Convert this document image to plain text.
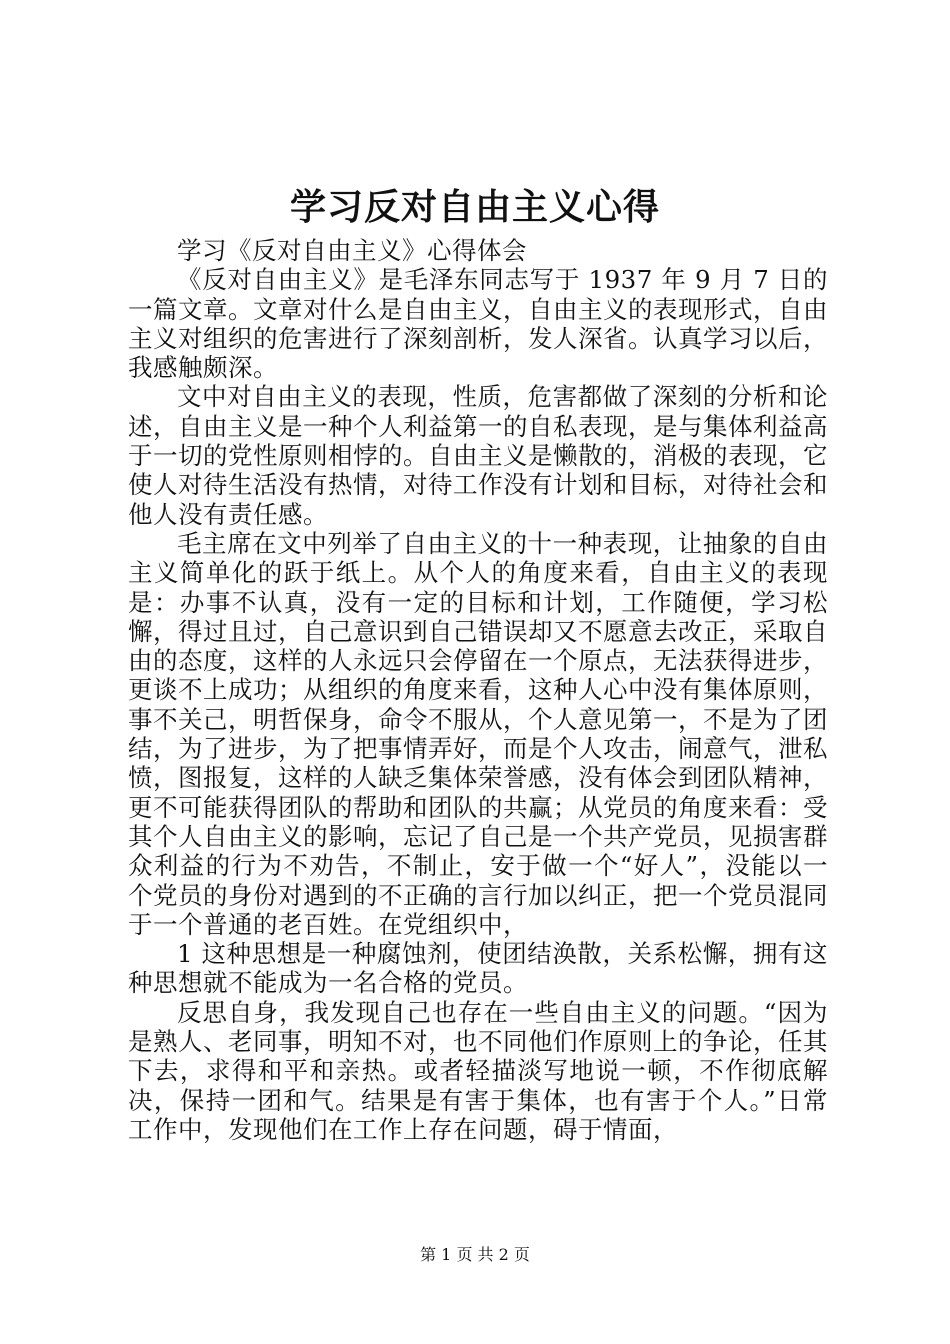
学习反对自由主义心得

学习《反对自由主义》心得体会

《反对自由主义》是毛泽东同志写于 1937 年 9 月 7 日的一篇文章。文章对什么是自由主义，自由主义的表现形式，自由主义对组织的危害进行了深刻剖析，发人深省。认真学习以后，我感触颇深。

文中对自由主义的表现，性质，危害都做了深刻的分析和论述，自由主义是一种个人利益第一的自私表现，是与集体利益高于一切的党性原则相悖的。自由主义是懒散的，消极的表现，它使人对待生活没有热情，对待工作没有计划和目标，对待社会和他人没有责任感。

毛主席在文中列举了自由主义的十一种表现，让抽象的自由主义简单化的跃于纸上。从个人的角度来看，自由主义的表现是：办事不认真，没有一定的目标和计划，工作随便，学习松懈，得过且过，自己意识到自己错误却又不愿意去改正，采取自由的态度，这样的人永远只会停留在一个原点，无法获得进步，更谈不上成功；从组织的角度来看，这种人心中没有集体原则，事不关己，明哲保身，命令不服从，个人意见第一，不是为了团结，为了进步，为了把事情弄好，而是个人攻击，闹意气，泄私愤，图报复，这样的人缺乏集体荣誉感，没有体会到团队精神，更不可能获得团队的帮助和团队的共赢；从党员的角度来看：受其个人自由主义的影响，忘记了自己是一个共产党员，见损害群众利益的行为不劝告，不制止，安于做一个“好人”，没能以一个党员的身份对遇到的不正确的言行加以纠正，把一个党员混同于一个普通的老百姓。在党组织中，

1 这种思想是一种腐蚀剂，使团结涣散，关系松懈，拥有这种思想就不能成为一名合格的党员。

反思自身，我发现自己也存在一些自由主义的问题。“因为是熟人、老同事，明知不对，也不同他们作原则上的争论，任其下去，求得和平和亲热。或者轻描淡写地说一顿，不作彻底解决，保持一团和气。结果是有害于集体，也有害于个人。”日常工作中，发现他们在工作上存在问题，碍于情面，

第 1 页 共 2 页
